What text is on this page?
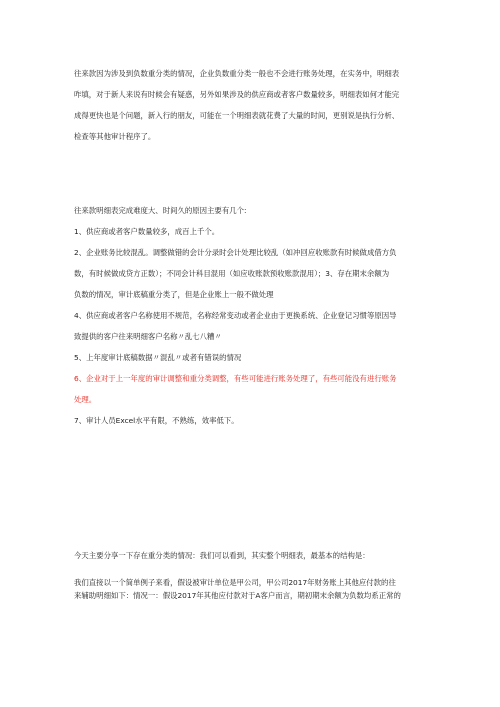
往来款因为涉及到负数重分类的情况，企业负数重分类一般也不会进行账务处理，在实务中，明细表

咋填，对于新人来说有时候会有疑惑，另外如果涉及的供应商或者客户数量较多，明细表如何才能完

成得更快也是个问题，新入行的朋友，可能在一个明细表就花费了大量的时间，更别说是执行分析、

检查等其他审计程序了。

往来款明细表完成难度大、时间久的原因主要有几个:

1、供应商或者客户数量较多，成百上千个。

2、企业账务比较混乱。调整做错的会计分录时会计处理比较乱（如冲回应收账款有时候做成借方负

数，有时候做成贷方正数）；不同会计科目混用（如应收账款预收账款混用）；3、存在期末余额为

负数的情况，审计底稿重分类了，但是企业账上一般不做处理

4、供应商或者客户名称使用不规范，名称经常变动或者企业由于更换系统、企业登记习惯等原因导

致提供的客户往来明细客户名称〃乱七八糟〃

5、上年度审计底稿数据〃混乱〃或者有错误的情况

6、企业对于上一年度的审计调整和重分类调整，有些可能进行账务处理了，有些可能没有进行账务

处理。

7、审计人员Excel水平有限，不熟练，效率低下。

今天主要分享一下存在重分类的情况：我们可以看到，其实整个明细表，最基本的结构是：

我们直接以一个简单例子来看，假设被审计单位是甲公司，甲公司2017年财务账上其他应付款的往

来辅助明细如下：情况一：假设2017年其他应付款对于A客户而言，期初期末余额为负数均系正常的
